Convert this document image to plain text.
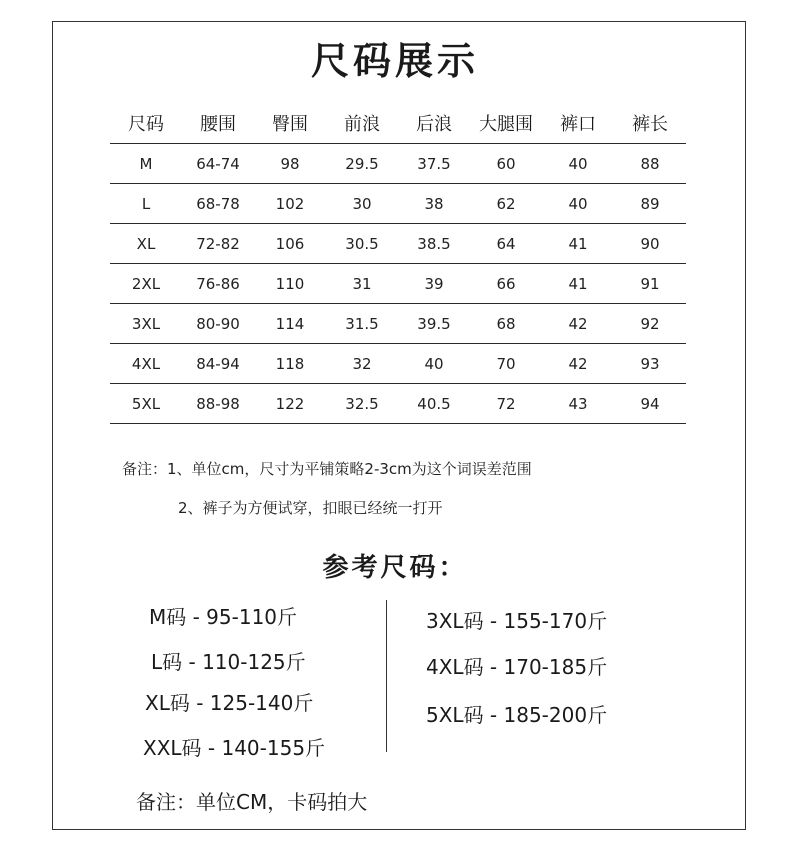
尺码展示
尺码	腰围	臀围	前浪	后浪	大腿围	裤口	裤长
M	64-74	98	29.5	37.5	60	40	88
L	68-78	102	30	38	62	40	89
XL	72-82	106	30.5	38.5	64	41	90
2XL	76-86	110	31	39	66	41	91
3XL	80-90	114	31.5	39.5	68	42	92
4XL	84-94	118	32	40	70	42	93
5XL	88-98	122	32.5	40.5	72	43	94
备注：1、单位cm，尺寸为平铺策略2-3cm为这个词误差范围
2、裤子为方便试穿，扣眼已经统一打开
参考尺码：
M码 - 95-110斤
L码 - 110-125斤
XL码 - 125-140斤
XXL码 - 140-155斤
3XL码 - 155-170斤
4XL码 - 170-185斤
5XL码 - 185-200斤
备注：单位CM，卡码拍大
